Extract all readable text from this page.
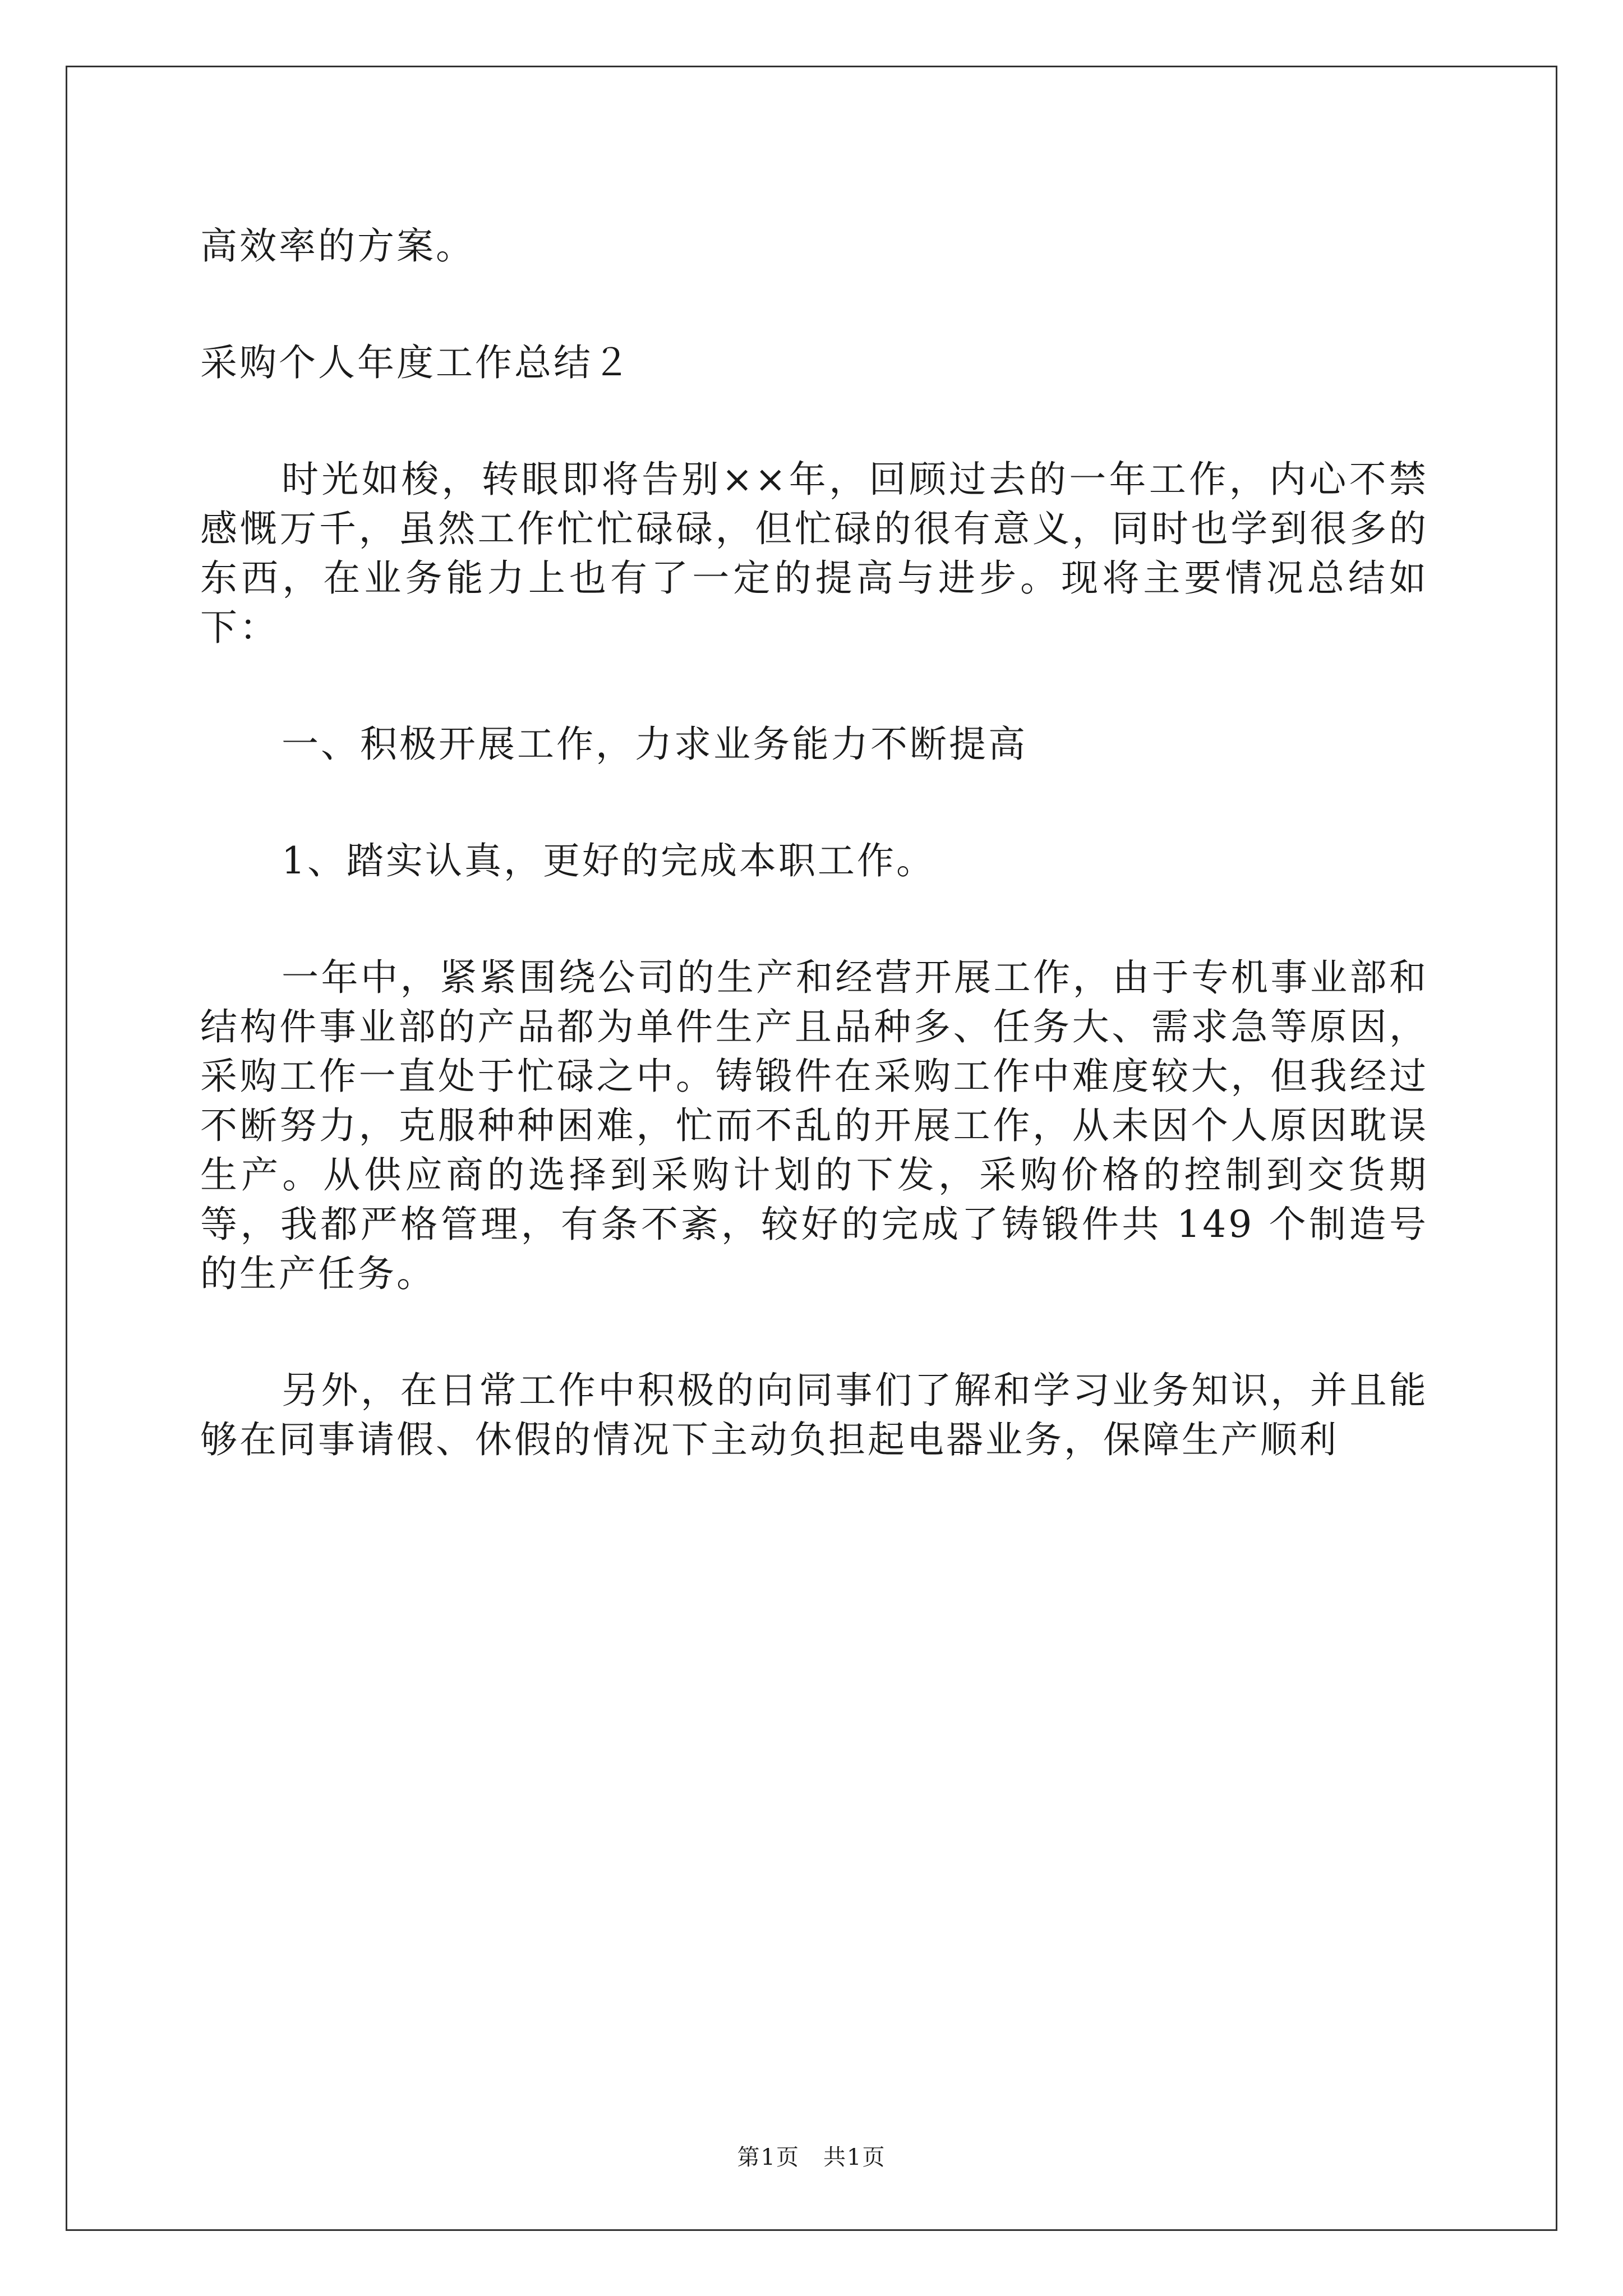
高效率的方案。

采购个人年度工作总结２

时光如梭，转眼即将告别××年，回顾过去的一年工作，内心不禁感慨万千，虽然工作忙忙碌碌，但忙碌的很有意义，同时也学到很多的东西，在业务能力上也有了一定的提高与进步。现将主要情况总结如下：

一、积极开展工作，力求业务能力不断提高

1、踏实认真，更好的完成本职工作。

一年中，紧紧围绕公司的生产和经营开展工作，由于专机事业部和结构件事业部的产品都为单件生产且品种多、任务大、需求急等原因，采购工作一直处于忙碌之中。铸锻件在采购工作中难度较大，但我经过不断努力，克服种种困难，忙而不乱的开展工作，从未因个人原因耽误生产。从供应商的选择到采购计划的下发，采购价格的控制到交货期等，我都严格管理，有条不紊，较好的完成了铸锻件共 149 个制造号的生产任务。

另外，在日常工作中积极的向同事们了解和学习业务知识，并且能够在同事请假、休假的情况下主动负担起电器业务，保障生产顺利

第1页　共1页
